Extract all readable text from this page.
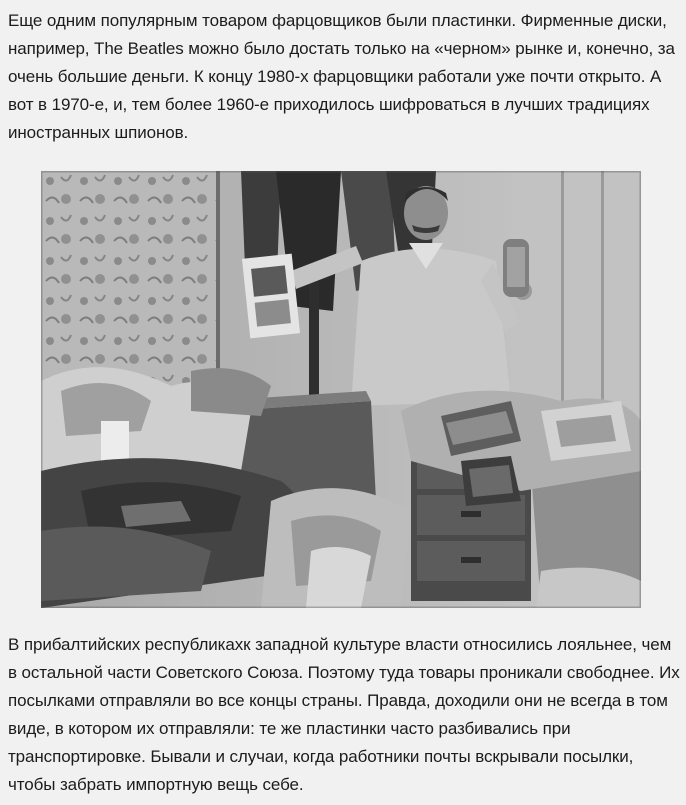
Еще одним популярным товаром фарцовщиков были пластинки. Фирменные диски, например, The Beatles можно было достать только на «черном» рынке и, конечно, за очень большие деньги. К концу 1980-х фарцовщики работали уже почти открыто. А вот в 1970-е, и, тем более 1960-е приходилось шифроваться в лучших традициях иностранных шпионов.

В прибалтийских республикахк западной культуре власти относились лояльнее, чем в остальной части Советского Союза. Поэтому туда товары проникали свободнее. Их посылками отправляли во все концы страны. Правда, доходили они не всегда в том виде, в котором их отправляли: те же пластинки часто разбивались при транспортировке. Бывали и случаи, когда работники почты вскрывали посылки, чтобы забрать импортную вещь себе.
